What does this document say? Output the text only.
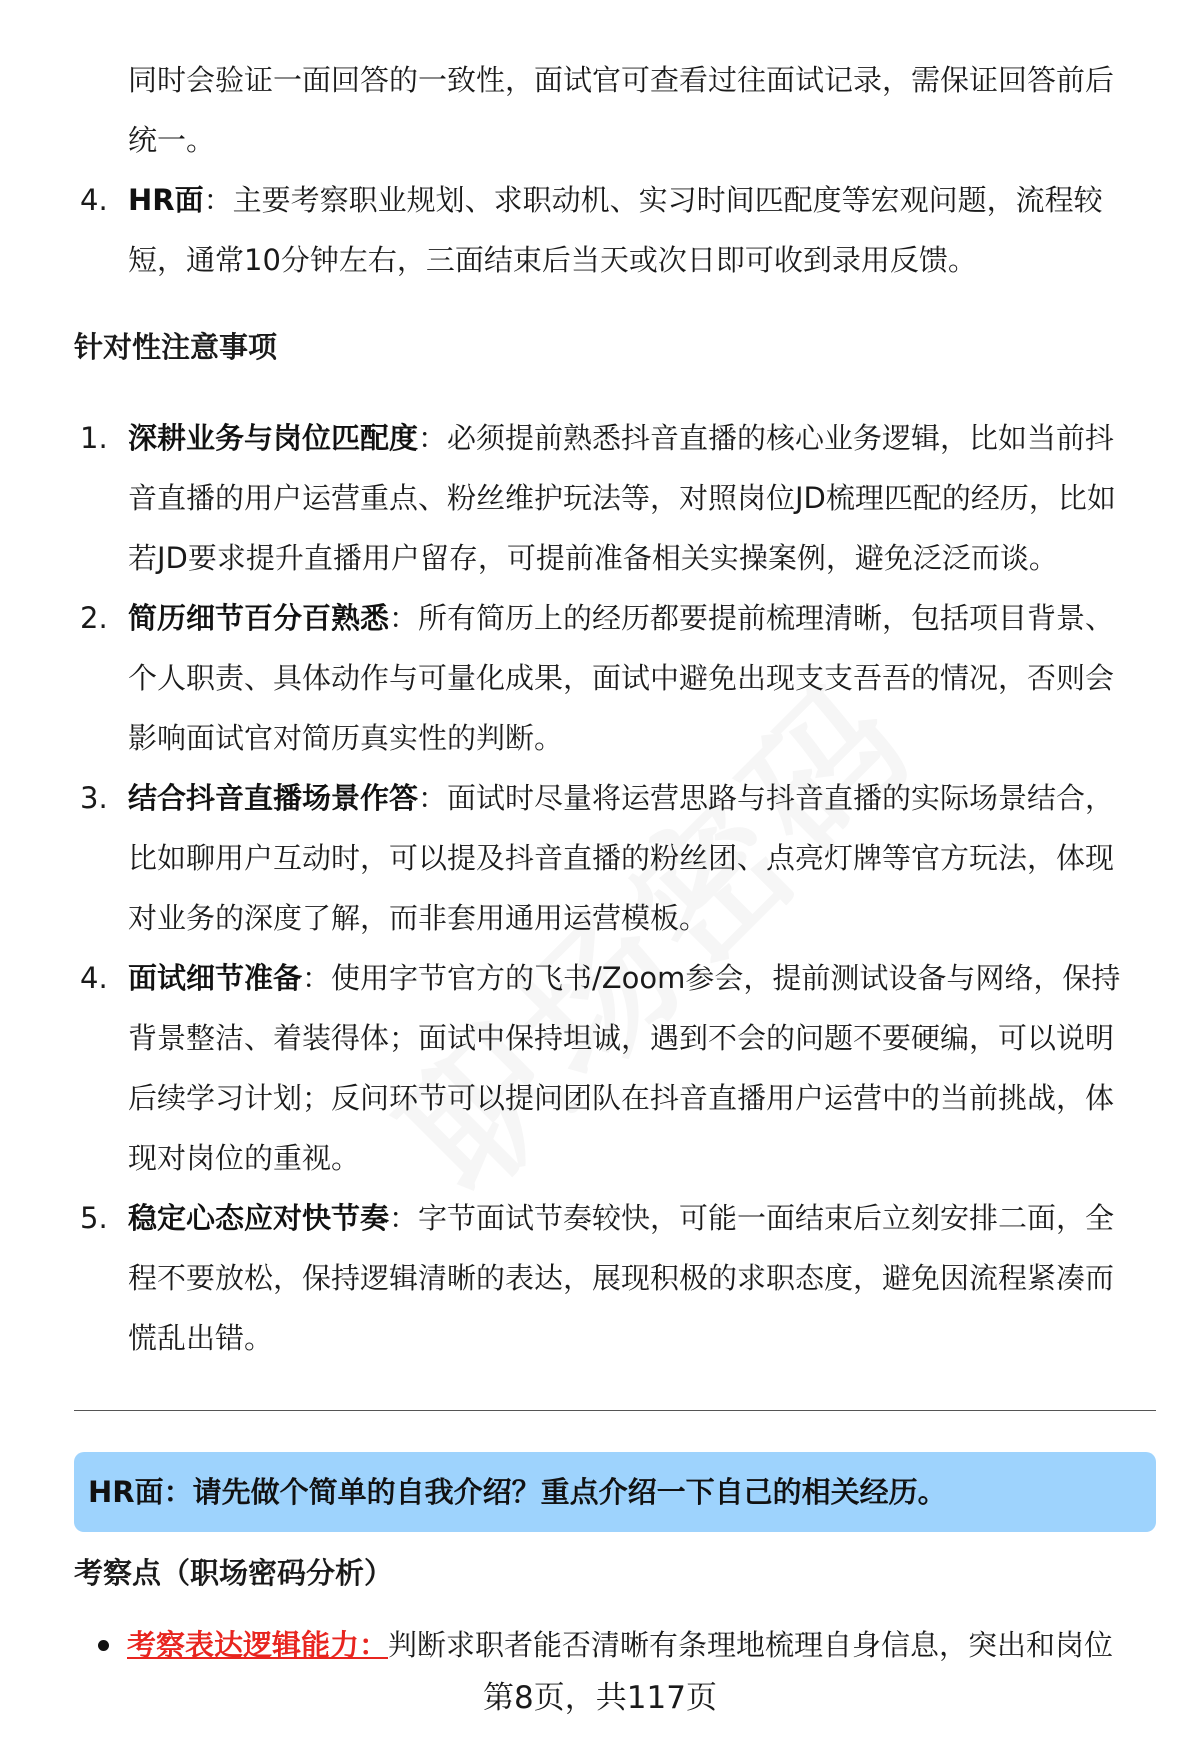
同时会验证一面回答的一致性，面试官可查看过往面试记录，需保证回答前后
统一。
4. HR面：主要考察职业规划、求职动机、实习时间匹配度等宏观问题，流程较
短，通常10分钟左右，三面结束后当天或次日即可收到录用反馈。
针对性注意事项
1. 深耕业务与岗位匹配度：必须提前熟悉抖音直播的核心业务逻辑，比如当前抖
音直播的用户运营重点、粉丝维护玩法等，对照岗位JD梳理匹配的经历，比如
若JD要求提升直播用户留存，可提前准备相关实操案例，避免泛泛而谈。
2. 简历细节百分百熟悉：所有简历上的经历都要提前梳理清晰，包括项目背景、
个人职责、具体动作与可量化成果，面试中避免出现支支吾吾的情况，否则会
影响面试官对简历真实性的判断。
3. 结合抖音直播场景作答：面试时尽量将运营思路与抖音直播的实际场景结合，
比如聊用户互动时，可以提及抖音直播的粉丝团、点亮灯牌等官方玩法，体现
对业务的深度了解，而非套用通用运营模板。
4. 面试细节准备：使用字节官方的飞书/Zoom参会，提前测试设备与网络，保持
背景整洁、着装得体；面试中保持坦诚，遇到不会的问题不要硬编，可以说明
后续学习计划；反问环节可以提问团队在抖音直播用户运营中的当前挑战，体
现对岗位的重视。
5. 稳定心态应对快节奏：字节面试节奏较快，可能一面结束后立刻安排二面，全
程不要放松，保持逻辑清晰的表达，展现积极的求职态度，避免因流程紧凑而
慌乱出错。
HR面：请先做个简单的自我介绍？重点介绍一下自己的相关经历。
考察点（职场密码分析）
考察表达逻辑能力：判断求职者能否清晰有条理地梳理自身信息，突出和岗位
第8页，共117页
